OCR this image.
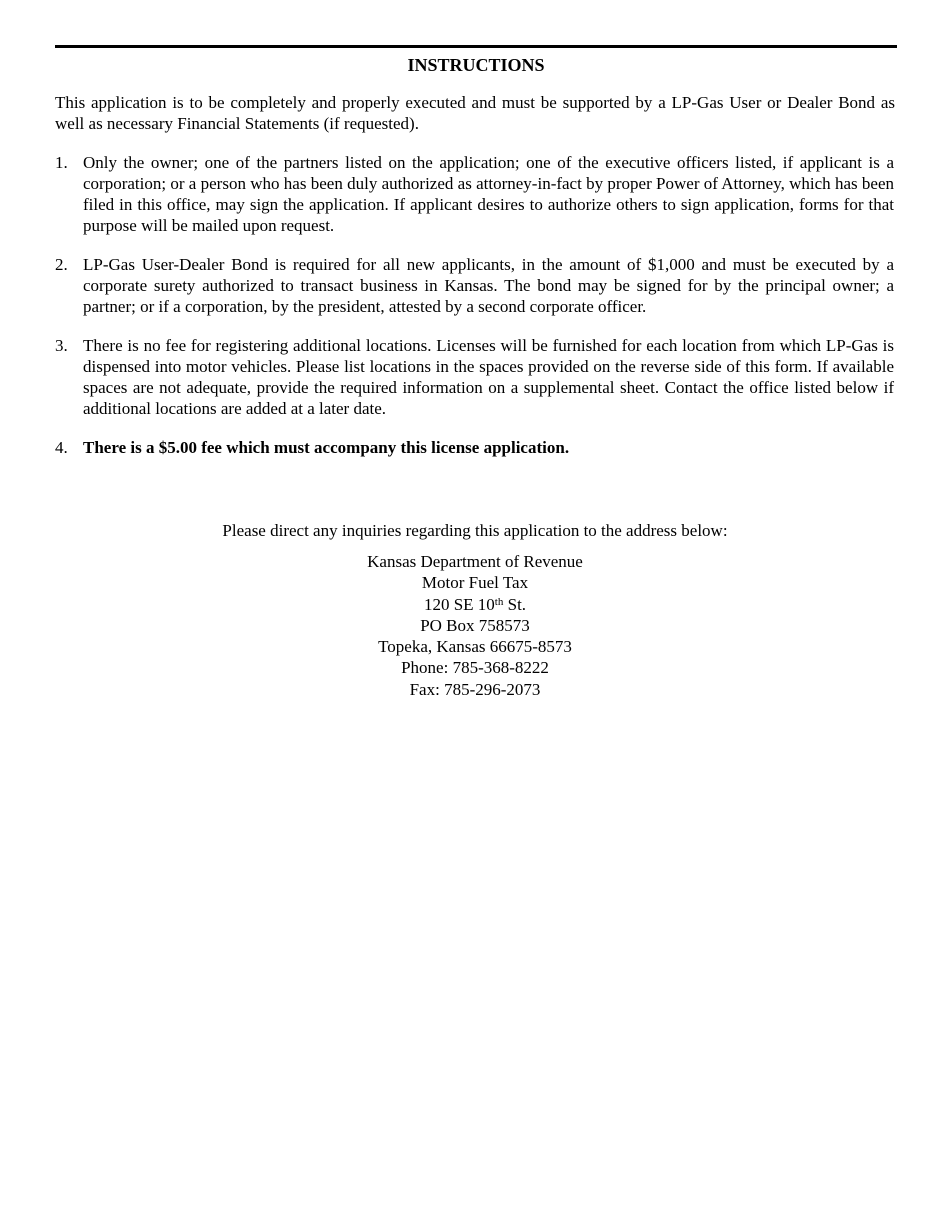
INSTRUCTIONS
This application is to be completely and properly executed and must be supported by a LP-Gas User or Dealer Bond as well as necessary Financial Statements (if requested).
1. Only the owner; one of the partners listed on the application; one of the executive officers listed, if applicant is a corporation; or a person who has been duly authorized as attorney-in-fact by proper Power of Attorney, which has been filed in this office, may sign the application. If applicant desires to authorize others to sign application, forms for that purpose will be mailed upon request.
2. LP-Gas User-Dealer Bond is required for all new applicants, in the amount of $1,000 and must be executed by a corporate surety authorized to transact business in Kansas. The bond may be signed for by the principal owner; a partner; or if a corporation, by the president, attested by a second corporate officer.
3. There is no fee for registering additional locations. Licenses will be furnished for each location from which LP-Gas is dispensed into motor vehicles. Please list locations in the spaces provided on the reverse side of this form. If available spaces are not adequate, provide the required information on a supplemental sheet. Contact the office listed below if additional locations are added at a later date.
4. There is a $5.00 fee which must accompany this license application.
Please direct any inquiries regarding this application to the address below:
Kansas Department of Revenue
Motor Fuel Tax
120 SE 10th St.
PO Box 758573
Topeka, Kansas 66675-8573
Phone: 785-368-8222
Fax: 785-296-2073
